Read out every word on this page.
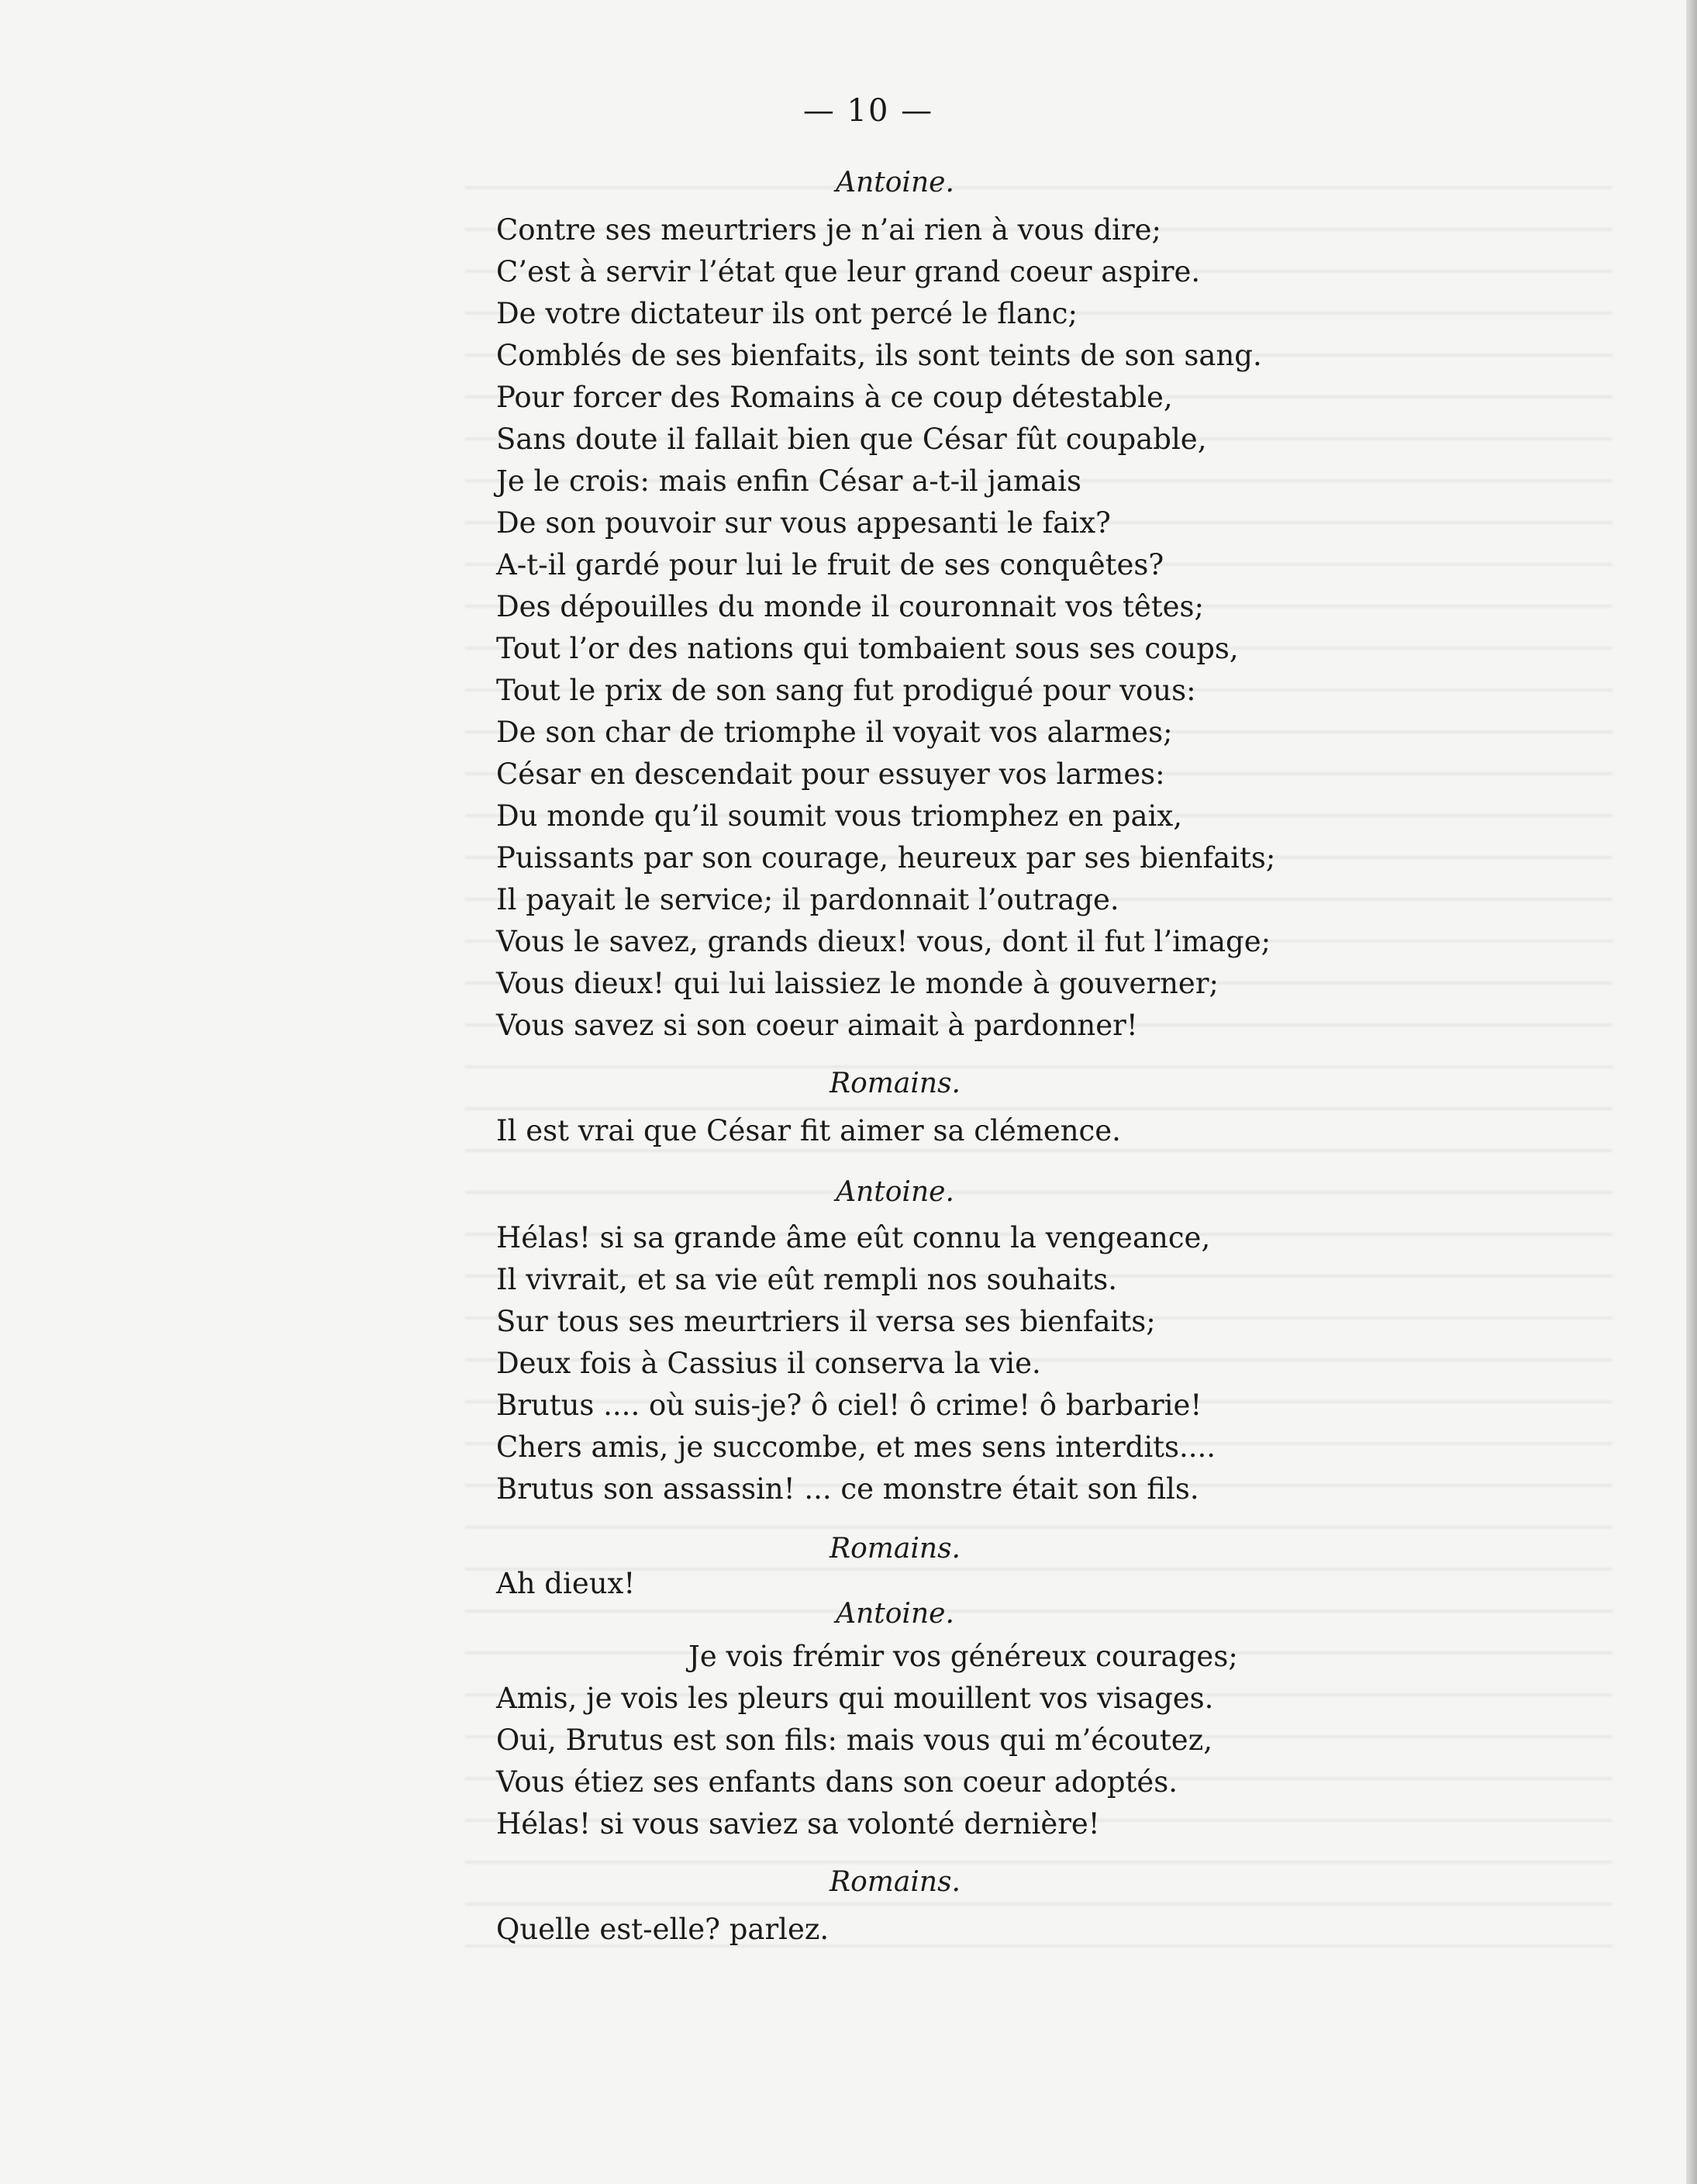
— 10 —
Antoine.
Contre ses meurtriers je n’ai rien à vous dire;
C’est à servir l’état que leur grand coeur aspire.
De votre dictateur ils ont percé le flanc;
Comblés de ses bienfaits, ils sont teints de son sang.
Pour forcer des Romains à ce coup détestable,
Sans doute il fallait bien que César fût coupable,
Je le crois: mais enfin César a-t-il jamais
De son pouvoir sur vous appesanti le faix?
A-t-il gardé pour lui le fruit de ses conquêtes?
Des dépouilles du monde il couronnait vos têtes;
Tout l’or des nations qui tombaient sous ses coups,
Tout le prix de son sang fut prodigué pour vous:
De son char de triomphe il voyait vos alarmes;
César en descendait pour essuyer vos larmes:
Du monde qu’il soumit vous triomphez en paix,
Puissants par son courage, heureux par ses bienfaits;
Il payait le service; il pardonnait l’outrage.
Vous le savez, grands dieux! vous, dont il fut l’image;
Vous dieux! qui lui laissiez le monde à gouverner;
Vous savez si son coeur aimait à pardonner!
Romains.
Il est vrai que César fit aimer sa clémence.
Antoine.
Hélas! si sa grande âme eût connu la vengeance,
Il vivrait, et sa vie eût rempli nos souhaits.
Sur tous ses meurtriers il versa ses bienfaits;
Deux fois à Cassius il conserva la vie.
Brutus .... où suis-je? ô ciel! ô crime! ô barbarie!
Chers amis, je succombe, et mes sens interdits....
Brutus son assassin! ... ce monstre était son fils.
Romains.
Ah dieux!
Antoine.
Je vois frémir vos généreux courages;
Amis, je vois les pleurs qui mouillent vos visages.
Oui, Brutus est son fils: mais vous qui m’écoutez,
Vous étiez ses enfants dans son coeur adoptés.
Hélas! si vous saviez sa volonté dernière!
Romains.
Quelle est-elle? parlez.
